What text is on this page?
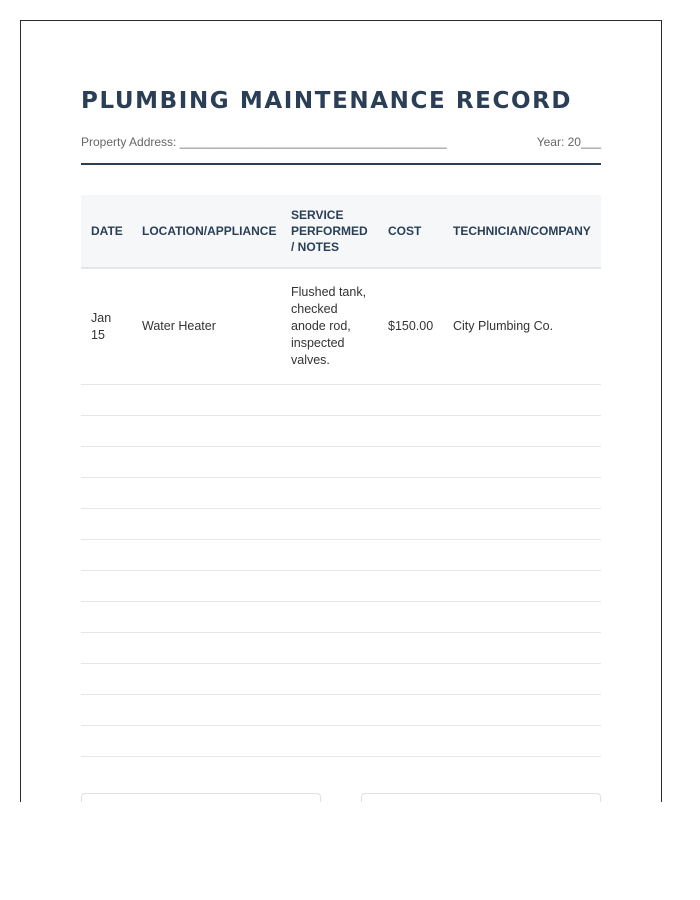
PLUMBING MAINTENANCE RECORD
Property Address: ________________________________________	Year: 20___
DATE	LOCATION/APPLIANCE	SERVICE PERFORMED / NOTES	COST	TECHNICIAN/COMPANY
Jan 15	Water Heater	Flushed tank, checked anode rod, inspected valves.	$150.00	City Plumbing Co.
